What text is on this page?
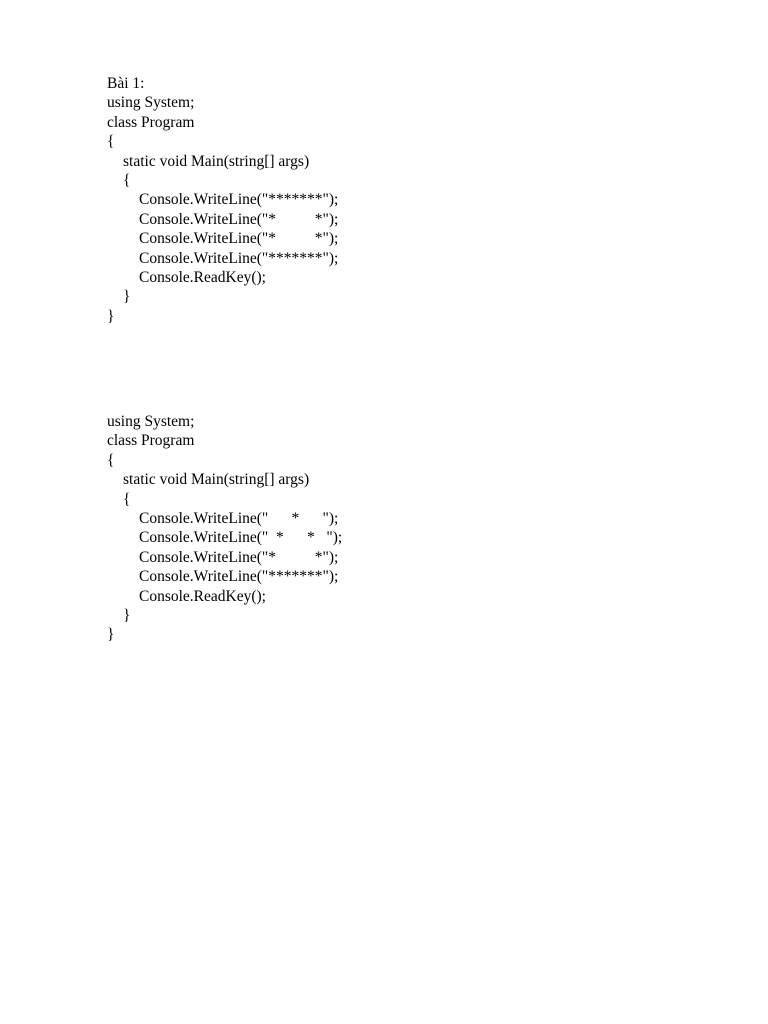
Bài 1:
using System;
class Program
{
static void Main(string[] args)
{
Console.WriteLine("*******");
Console.WriteLine("*          *");
Console.WriteLine("*          *");
Console.WriteLine("*******");
Console.ReadKey();
}
}
using System;
class Program
{
static void Main(string[] args)
{
Console.WriteLine("      *      ");
Console.WriteLine("  *      *   ");
Console.WriteLine("*          *");
Console.WriteLine("*******");
Console.ReadKey();
}
}
